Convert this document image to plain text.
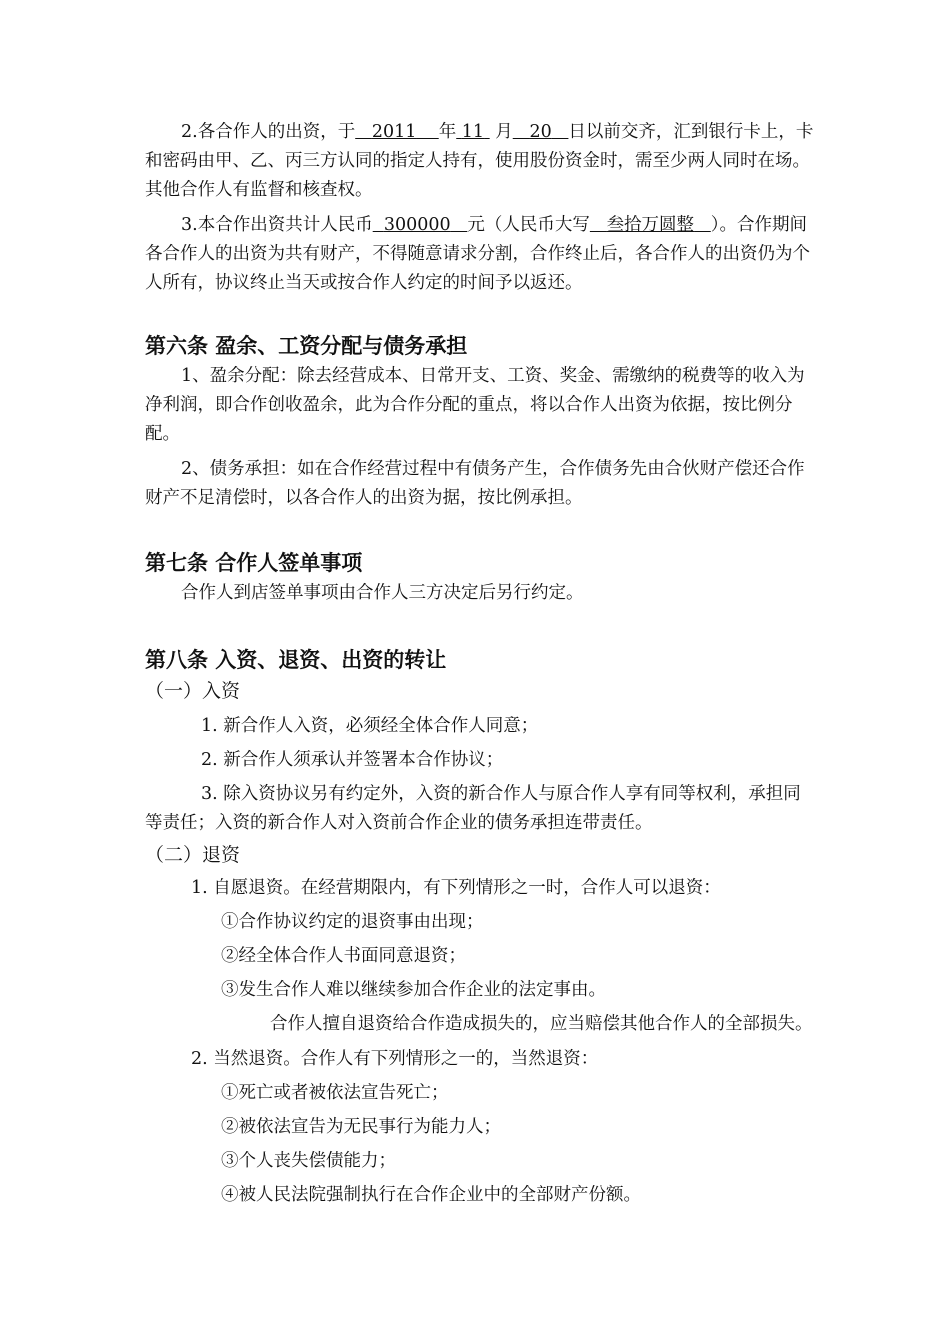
2.各合作人的出资，于 2011 年 11 月 20 日以前交齐，汇到银行卡上，卡和密码由甲、乙、丙三方认同的指定人持有，使用股份资金时，需至少两人同时在场。其他合作人有监督和核查权。

3.本合作出资共计人民币 300000 元（人民币大写 叁拾万圆整 ）。合作期间各合作人的出资为共有财产，不得随意请求分割，合作终止后，各合作人的出资仍为个人所有，协议终止当天或按合作人约定的时间予以返还。

第六条 盈余、工资分配与债务承担

1、盈余分配：除去经营成本、日常开支、工资、奖金、需缴纳的税费等的收入为净利润，即合作创收盈余，此为合作分配的重点，将以合作人出资为依据，按比例分配。

2、债务承担：如在合作经营过程中有债务产生，合作债务先由合伙财产偿还合作财产不足清偿时，以各合作人的出资为据，按比例承担。

第七条 合作人签单事项

合作人到店签单事项由合作人三方决定后另行约定。

第八条 入资、退资、出资的转让

（一）入资

1. 新合作人入资，必须经全体合作人同意；

2. 新合作人须承认并签署本合作协议；

3. 除入资协议另有约定外，入资的新合作人与原合作人享有同等权利，承担同等责任；入资的新合作人对入资前合作企业的债务承担连带责任。

（二）退资

1. 自愿退资。在经营期限内，有下列情形之一时，合作人可以退资：

①合作协议约定的退资事由出现；

②经全体合作人书面同意退资；

③发生合作人难以继续参加合作企业的法定事由。

合作人擅自退资给合作造成损失的，应当赔偿其他合作人的全部损失。

2. 当然退资。合作人有下列情形之一的，当然退资：

①死亡或者被依法宣告死亡；

②被依法宣告为无民事行为能力人；

③个人丧失偿债能力；

④被人民法院强制执行在合作企业中的全部财产份额。
